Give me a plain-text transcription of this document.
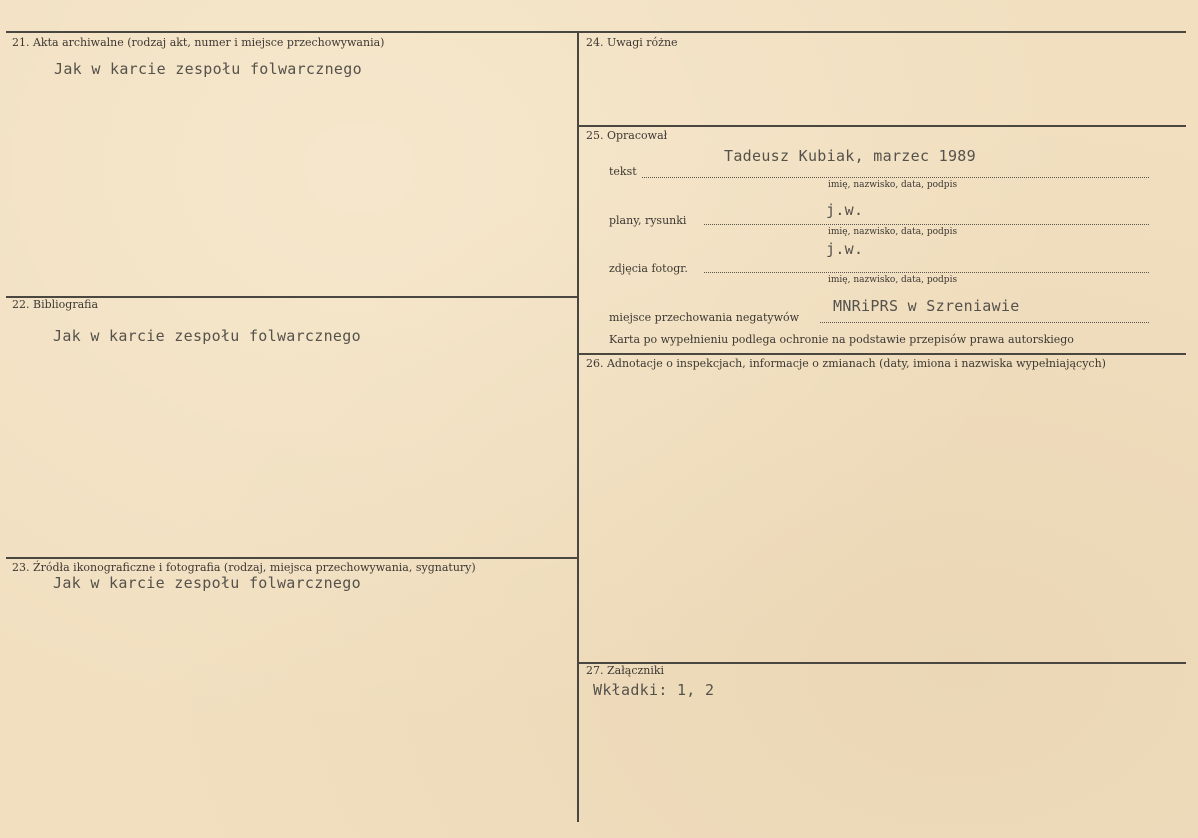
21. Akta archiwalne (rodzaj akt, numer i miejsce przechowywania)
Jak w karcie zespołu folwarcznego
22. Bibliografia
Jak w karcie zespołu folwarcznego
23. Źródła ikonograficzne i fotografia (rodzaj, miejsca przechowywania, sygnatury)
Jak w karcie zespołu folwarcznego
24. Uwagi różne
25. Opracował
tekst
Tadeusz Kubiak, marzec 1989
imię, nazwisko, data, podpis
plany, rysunki
j.w.
imię, nazwisko, data, podpis
zdjęcia fotogr.
j.w.
imię, nazwisko, data, podpis
miejsce przechowania negatywów
MNRiPRS w Szreniawie
Karta po wypełnieniu podlega ochronie na podstawie przepisów prawa autorskiego
26. Adnotacje o inspekcjach, informacje o zmianach (daty, imiona i nazwiska wypełniających)
27. Załączniki
Wkładki: 1, 2
